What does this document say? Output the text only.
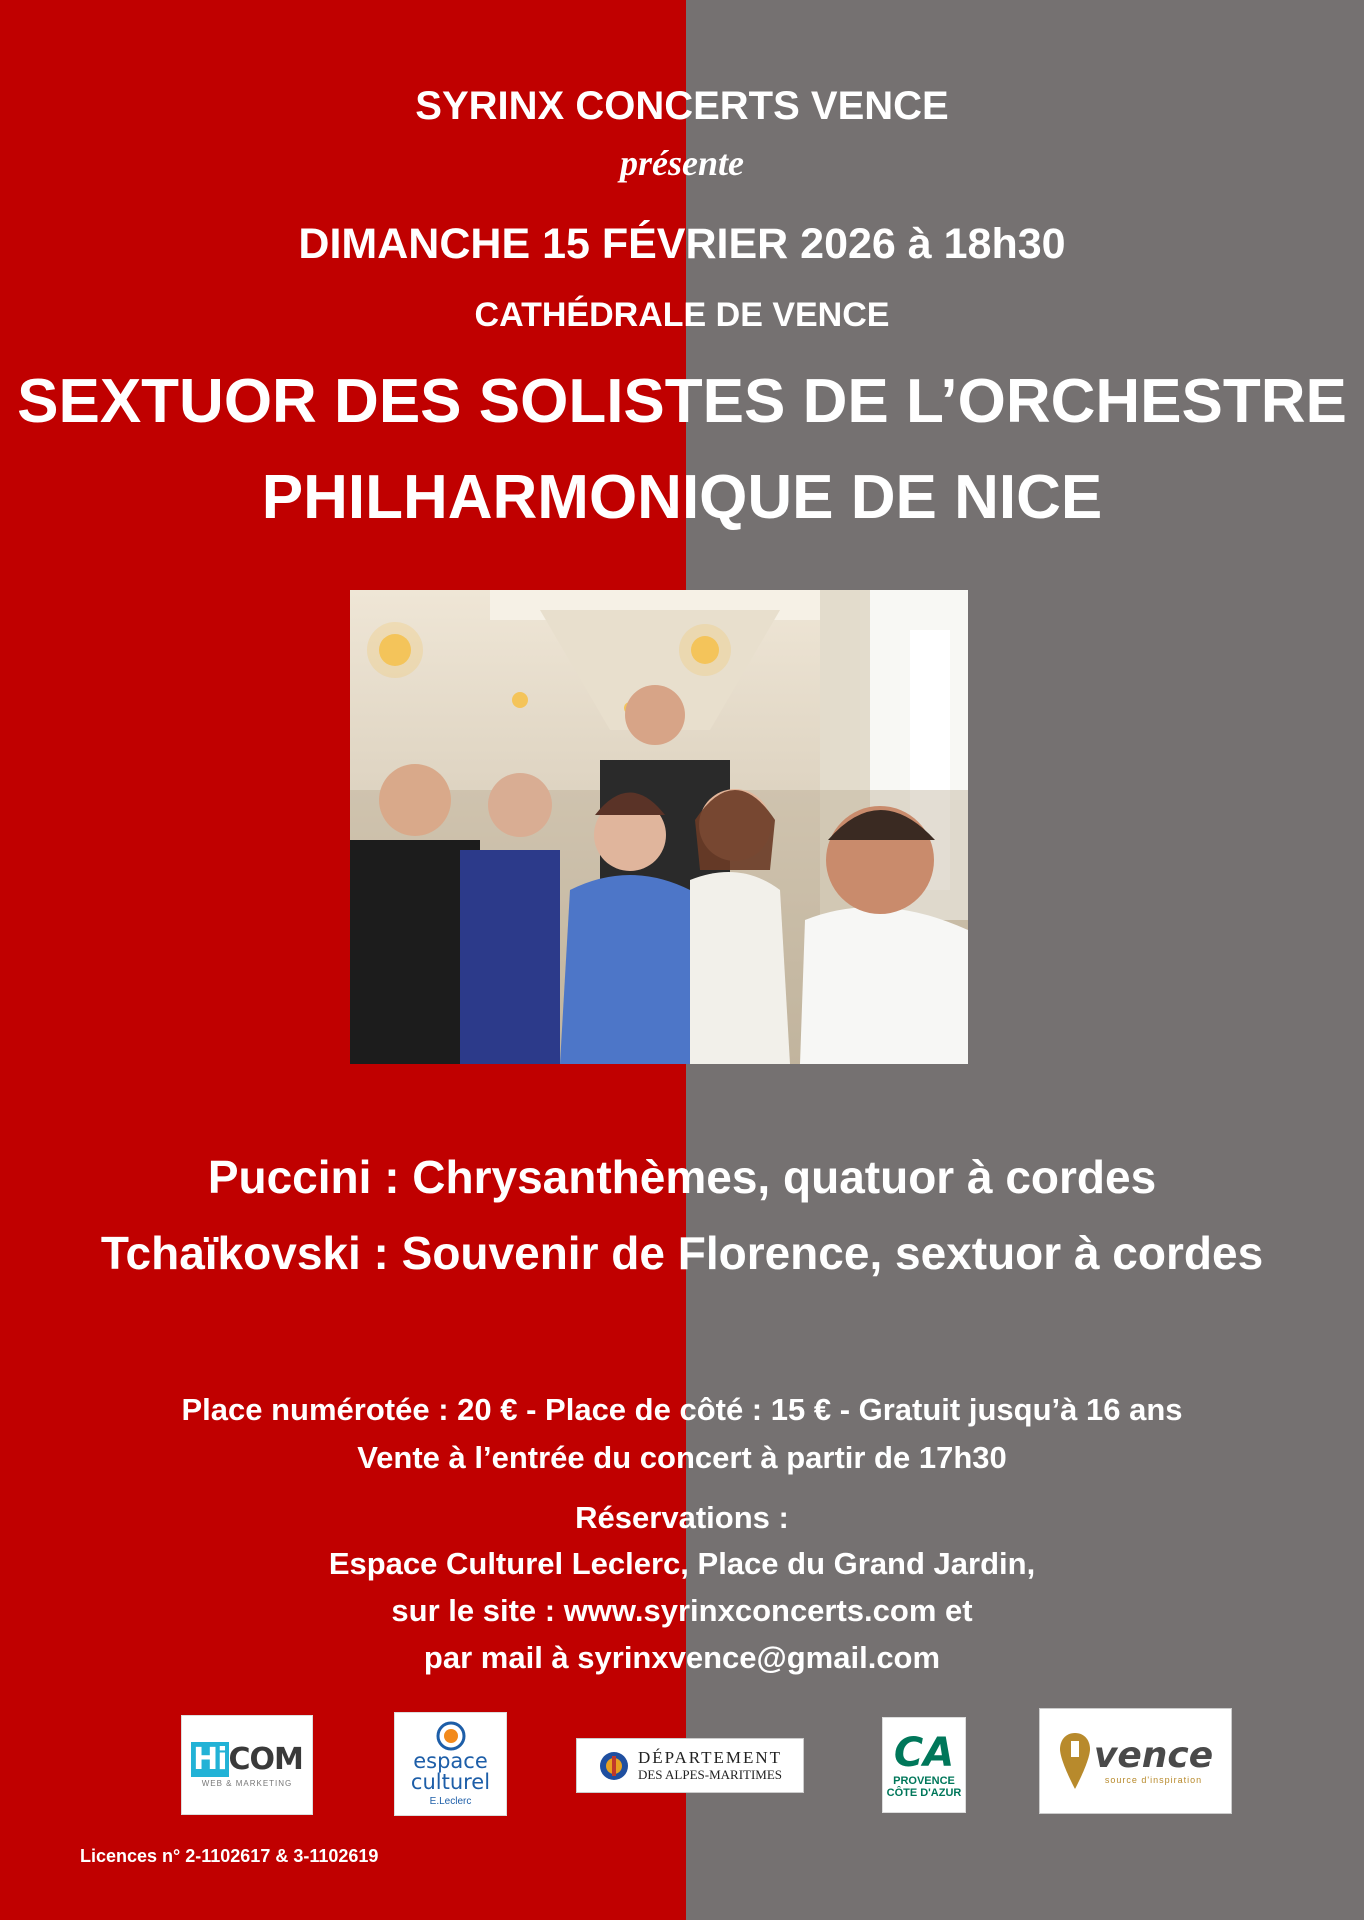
SYRINX CONCERTS VENCE
présente
DIMANCHE 15 FÉVRIER 2026 à 18h30
CATHÉDRALE DE VENCE
SEXTUOR DES SOLISTES DE L’ORCHESTRE
PHILHARMONIQUE DE NICE
Puccini : Chrysanthèmes, quatuor à cordes
Tchaïkovski : Souvenir de Florence, sextuor à cordes
Place numérotée : 20 € - Place de côté : 15 € - Gratuit jusqu’à 16 ans
Vente à l’entrée du concert à partir de 17h30
Réservations :
Espace Culturel Leclerc, Place du Grand Jardin,
sur le site : www.syrinxconcerts.com et
par mail à syrinxvence@gmail.com
HiCOM
WEB & MARKETING
espace
culturel
E.Leclerc
DÉPARTEMENT
DES ALPES-MARITIMES	CA
PROVENCE
CÔTE D'AZUR
vence
source d'inspiration
Licences n° 2-1102617 & 3-1102619
